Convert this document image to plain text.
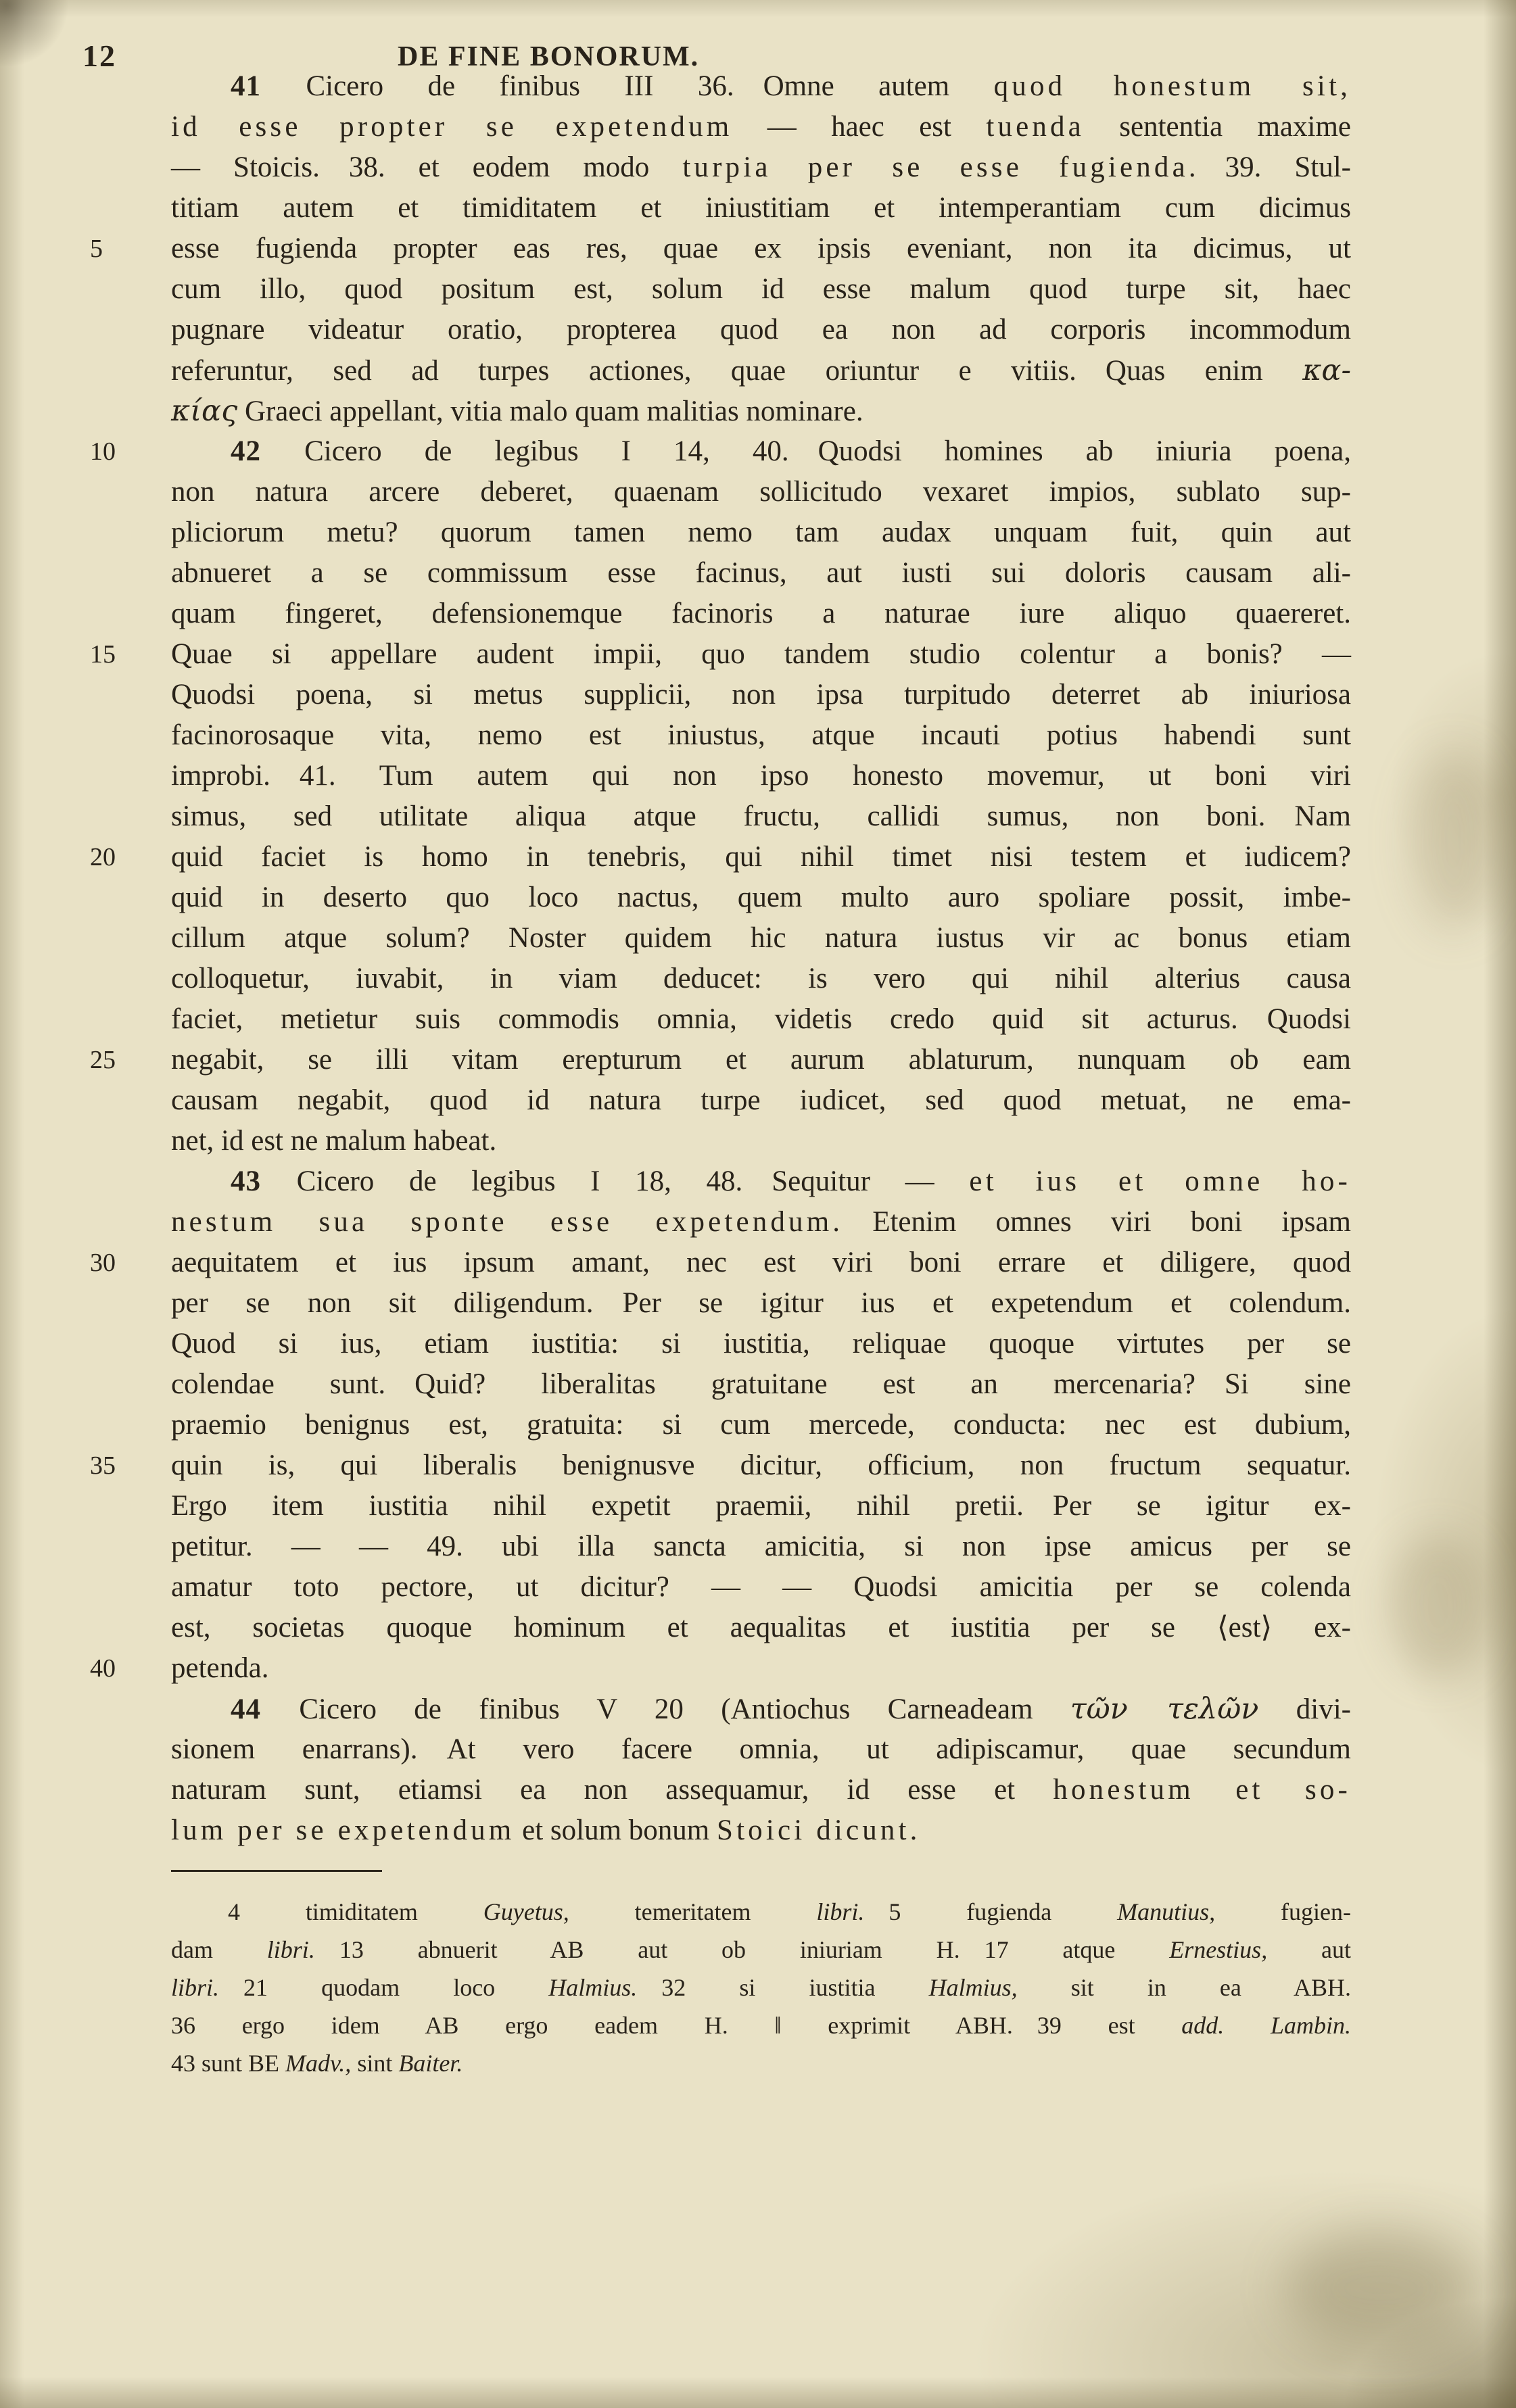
12	DE FINE BONORUM.
41 Cicero de finibus III 36. Omne autem quod honestum sit,
id esse propter se expetendum — haec est tuenda sententia maxime
— Stoicis. 38. et eodem modo turpia per se esse fugienda. 39. Stul-
titiam autem et timiditatem et iniustitiam et intemperantiam cum dicimus
5	esse fugienda propter eas res, quae ex ipsis eveniant, non ita dicimus, ut
cum illo, quod positum est, solum id esse malum quod turpe sit, haec
pugnare videatur oratio, propterea quod ea non ad corporis incommodum
referuntur, sed ad turpes actiones, quae oriuntur e vitiis. Quas enim κα-
κίας Graeci appellant, vitia malo quam malitias nominare.
10	42 Cicero de legibus I 14, 40. Quodsi homines ab iniuria poena,
non natura arcere deberet, quaenam sollicitudo vexaret impios, sublato sup-
pliciorum metu? quorum tamen nemo tam audax unquam fuit, quin aut
abnueret a se commissum esse facinus, aut iusti sui doloris causam ali-
quam fingeret, defensionemque facinoris a naturae iure aliquo quaereret.
15	Quae si appellare audent impii, quo tandem studio colentur a bonis? —
Quodsi poena, si metus supplicii, non ipsa turpitudo deterret ab iniuriosa
facinorosaque vita, nemo est iniustus, atque incauti potius habendi sunt
improbi. 41. Tum autem qui non ipso honesto movemur, ut boni viri
simus, sed utilitate aliqua atque fructu, callidi sumus, non boni. Nam
20	quid faciet is homo in tenebris, qui nihil timet nisi testem et iudicem?
quid in deserto quo loco nactus, quem multo auro spoliare possit, imbe-
cillum atque solum? Noster quidem hic natura iustus vir ac bonus etiam
colloquetur, iuvabit, in viam deducet: is vero qui nihil alterius causa
faciet, metietur suis commodis omnia, videtis credo quid sit acturus. Quodsi
25	negabit, se illi vitam erepturum et aurum ablaturum, nunquam ob eam
causam negabit, quod id natura turpe iudicet, sed quod metuat, ne ema-
net, id est ne malum habeat.
43 Cicero de legibus I 18, 48. Sequitur — et ius et omne ho-
nestum sua sponte esse expetendum. Etenim omnes viri boni ipsam
30	aequitatem et ius ipsum amant, nec est viri boni errare et diligere, quod
per se non sit diligendum. Per se igitur ius et expetendum et colendum.
Quod si ius, etiam iustitia: si iustitia, reliquae quoque virtutes per se
colendae sunt. Quid? liberalitas gratuitane est an mercenaria? Si sine
praemio benignus est, gratuita: si cum mercede, conducta: nec est dubium,
35	quin is, qui liberalis benignusve dicitur, officium, non fructum sequatur.
Ergo item iustitia nihil expetit praemii, nihil pretii. Per se igitur ex-
petitur. — — 49. ubi illa sancta amicitia, si non ipse amicus per se
amatur toto pectore, ut dicitur? — — Quodsi amicitia per se colenda
est, societas quoque hominum et aequalitas et iustitia per se ⟨est⟩ ex-
40	petenda.
44 Cicero de finibus V 20 (Antiochus Carneadeam τῶν τελῶν divi-
sionem enarrans). At vero facere omnia, ut adipiscamur, quae secundum
naturam sunt, etiamsi ea non assequamur, id esse et honestum et so-
lum per se expetendum et solum bonum Stoici dicunt.
4 timiditatem Guyetus, temeritatem libri. 5 fugienda Manutius, fugien-
dam libri. 13 abnuerit AB aut ob iniuriam H. 17 atque Ernestius, aut
libri. 21 quodam loco Halmius. 32 si iustitia Halmius, sit in ea ABH.
36 ergo idem AB ergo eadem H. ‖ exprimit ABH. 39 est add. Lambin.
43 sunt BE Madv., sint Baiter.
